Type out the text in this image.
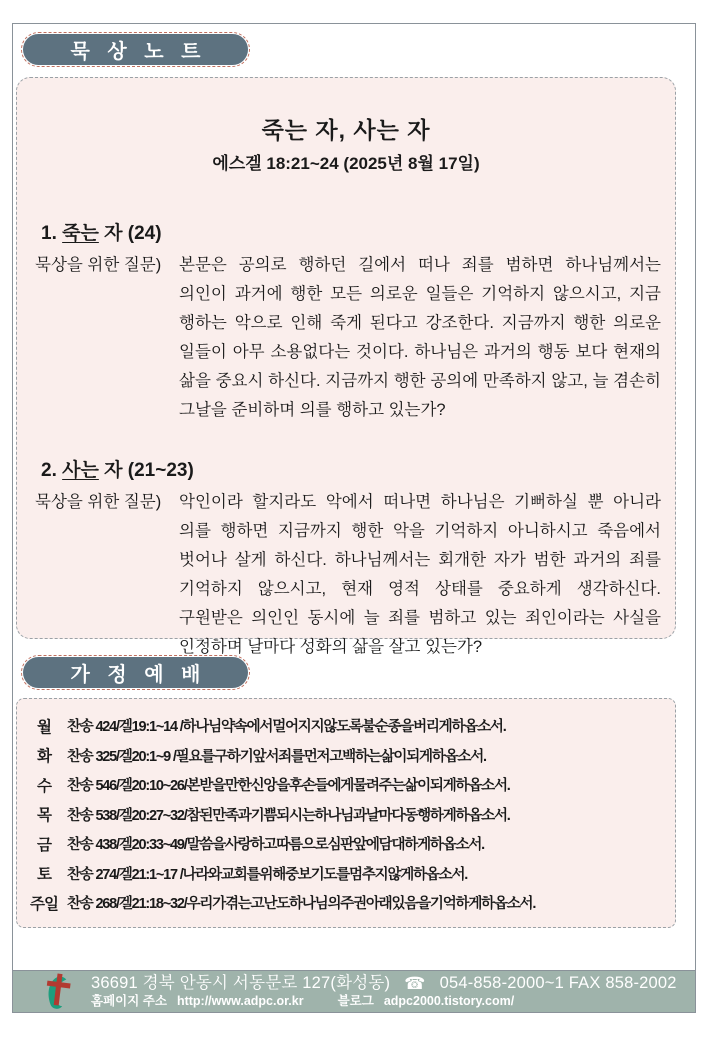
묵 상 노 트
죽는 자, 사는 자
에스겔 18:21~24 (2025년 8월 17일)
1. 죽는 자 (24)
묵상을 위한 질문)	본문은 공의로 행하던 길에서 떠나 죄를 범하면 하나님께서는 의인이 과거에 행한 모든 의로운 일들은 기억하지 않으시고, 지금 행하는 악으로 인해 죽게 된다고 강조한다. 지금까지 행한 의로운 일들이 아무 소용없다는 것이다. 하나님은 과거의 행동 보다 현재의 삶을 중요시 하신다. 지금까지 행한 공의에 만족하지 않고, 늘 겸손히 그날을 준비하며 의를 행하고 있는가?
2. 사는 자 (21~23)
묵상을 위한 질문)	악인이라 할지라도 악에서 떠나면 하나님은 기뻐하실 뿐 아니라 의를 행하면 지금까지 행한 악을 기억하지 아니하시고 죽음에서 벗어나 살게 하신다. 하나님께서는 회개한 자가 범한 과거의 죄를 기억하지 않으시고, 현재 영적 상태를 중요하게 생각하신다. 구원받은 의인인 동시에 늘 죄를 범하고 있는 죄인이라는 사실을 인정하며 날마다 성화의 삶을 살고 있는가?
가 정 예 배
월	찬송 424/겔19:1~14 /하나님약속에서멀어지지않도록불순종을버리게하옵소서.
화	찬송 325/겔20:1~9 /필요를구하기앞서죄를먼저고백하는삶이되게하옵소서.
수	찬송 546/겔20:10~26/본받을만한신앙을후손들에게물려주는삶이되게하옵소서.
목	찬송 538/겔20:27~32/참된만족과기쁨되시는하나님과날마다동행하게하옵소서.
금	찬송 438/겔20:33~49/말씀을사랑하고따름으로심판앞에담대하게하옵소서.
토	찬송 274/겔21:1~17 /나라와교회를위해중보기도를멈추지않게하옵소서.
주일 찬송 268/겔21:18~32/우리가겪는고난도하나님의주권아래있음을기억하게하옵소서.
36691 경북 안동시 서동문로 127(화성동) ☎ 054-858-2000~1 FAX 858-2002
홈페이지 주소 http://www.adpc.or.kr	블로그 adpc2000.tistory.com/
